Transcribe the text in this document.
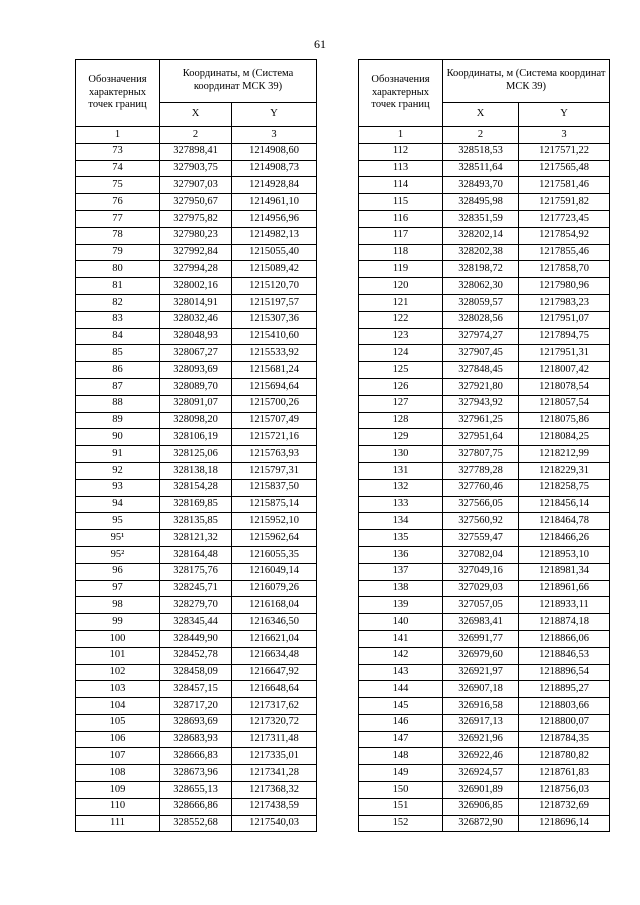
61
Обозначения характерных точек границ	Координаты, м (Система координат МСК 39)	
	X	Y
1	2	3
73	327898,41	1214908,60
74	327903,75	1214908,73
75	327907,03	1214928,84
76	327950,67	1214961,10
77	327975,82	1214956,96
78	327980,23	1214982,13
79	327992,84	1215055,40
80	327994,28	1215089,42
81	328002,16	1215120,70
82	328014,91	1215197,57
83	328032,46	1215307,36
84	328048,93	1215410,60
85	328067,27	1215533,92
86	328093,69	1215681,24
87	328089,70	1215694,64
88	328091,07	1215700,26
89	328098,20	1215707,49
90	328106,19	1215721,16
91	328125,06	1215763,93
92	328138,18	1215797,31
93	328154,28	1215837,50
94	328169,85	1215875,14
95	328135,85	1215952,10
95¹	328121,32	1215962,64
95²	328164,48	1216055,35
96	328175,76	1216049,14
97	328245,71	1216079,26
98	328279,70	1216168,04
99	328345,44	1216346,50
100	328449,90	1216621,04
101	328452,78	1216634,48
102	328458,09	1216647,92
103	328457,15	1216648,64
104	328717,20	1217317,62
105	328693,69	1217320,72
106	328683,93	1217311,48
107	328666,83	1217335,01
108	328673,96	1217341,28
109	328655,13	1217368,32
110	328666,86	1217438,59
111	328552,68	1217540,03
Обозначения характерных точек границ	Координаты, м (Система координат МСК 39)	
	X	Y
1	2	3
112	328518,53	1217571,22
113	328511,64	1217565,48
114	328493,70	1217581,46
115	328495,98	1217591,82
116	328351,59	1217723,45
117	328202,14	1217854,92
118	328202,38	1217855,46
119	328198,72	1217858,70
120	328062,30	1217980,96
121	328059,57	1217983,23
122	328028,56	1217951,07
123	327974,27	1217894,75
124	327907,45	1217951,31
125	327848,45	1218007,42
126	327921,80	1218078,54
127	327943,92	1218057,54
128	327961,25	1218075,86
129	327951,64	1218084,25
130	327807,75	1218212,99
131	327789,28	1218229,31
132	327760,46	1218258,75
133	327566,05	1218456,14
134	327560,92	1218464,78
135	327559,47	1218466,26
136	327082,04	1218953,10
137	327049,16	1218981,34
138	327029,03	1218961,66
139	327057,05	1218933,11
140	326983,41	1218874,18
141	326991,77	1218866,06
142	326979,60	1218846,53
143	326921,97	1218896,54
144	326907,18	1218895,27
145	326916,58	1218803,66
146	326917,13	1218800,07
147	326921,96	1218784,35
148	326922,46	1218780,82
149	326924,57	1218761,83
150	326901,89	1218756,03
151	326906,85	1218732,69
152	326872,90	1218696,14
